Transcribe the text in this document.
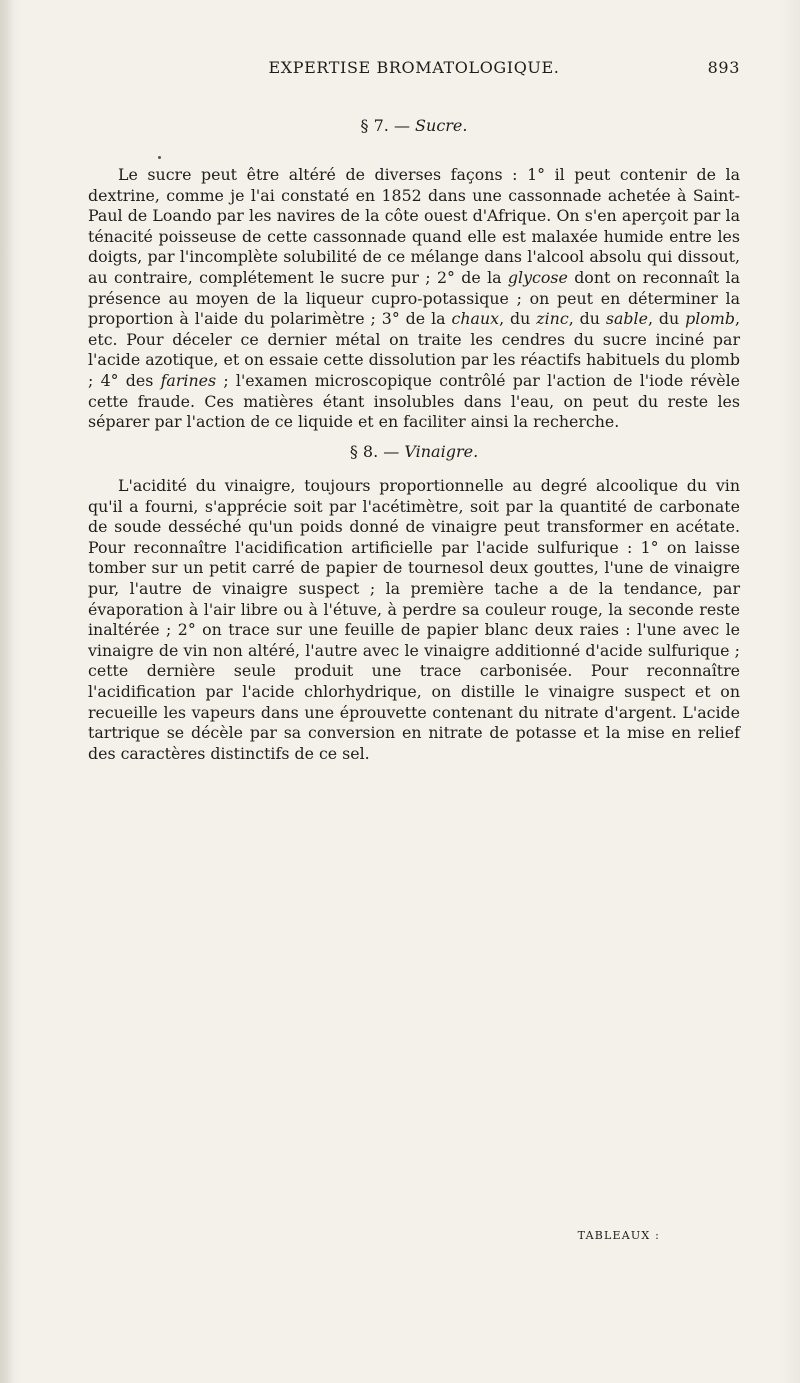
EXPERTISE BROMATOLOGIQUE.	893
§ 7. — Sucre.
Le sucre peut être altéré de diverses façons : 1° il peut contenir de la dextrine, comme je l'ai constaté en 1852 dans une cassonnade achetée à Saint-Paul de Loando par les navires de la côte ouest d'Afrique. On s'en aperçoit par la ténacité poisseuse de cette cassonnade quand elle est malaxée humide entre les doigts, par l'incomplète solubilité de ce mélange dans l'alcool absolu qui dissout, au contraire, complétement le sucre pur ; 2° de la glycose dont on reconnaît la présence au moyen de la liqueur cupro-potassique ; on peut en déterminer la proportion à l'aide du polarimètre ; 3° de la chaux, du zinc, du sable, du plomb, etc. Pour déceler ce dernier métal on traite les cendres du sucre inciné par l'acide azotique, et on essaie cette dissolution par les réactifs habituels du plomb ; 4° des farines ; l'examen microscopique contrôlé par l'action de l'iode révèle cette fraude. Ces matières étant insolubles dans l'eau, on peut du reste les séparer par l'action de ce liquide et en faciliter ainsi la recherche.
§ 8. — Vinaigre.
L'acidité du vinaigre, toujours proportionnelle au degré alcoolique du vin qu'il a fourni, s'apprécie soit par l'acétimètre, soit par la quantité de carbonate de soude desséché qu'un poids donné de vinaigre peut transformer en acétate. Pour reconnaître l'acidification artificielle par l'acide sulfurique : 1° on laisse tomber sur un petit carré de papier de tournesol deux gouttes, l'une de vinaigre pur, l'autre de vinaigre suspect ; la première tache a de la tendance, par évaporation à l'air libre ou à l'étuve, à perdre sa couleur rouge, la seconde reste inaltérée ; 2° on trace sur une feuille de papier blanc deux raies : l'une avec le vinaigre de vin non altéré, l'autre avec le vinaigre additionné d'acide sulfurique ; cette dernière seule produit une trace carbonisée. Pour reconnaître l'acidification par l'acide chlorhydrique, on distille le vinaigre suspect et on recueille les vapeurs dans une éprouvette contenant du nitrate d'argent. L'acide tartrique se décèle par sa conversion en nitrate de potasse et la mise en relief des caractères distinctifs de ce sel.
TABLEAUX :
